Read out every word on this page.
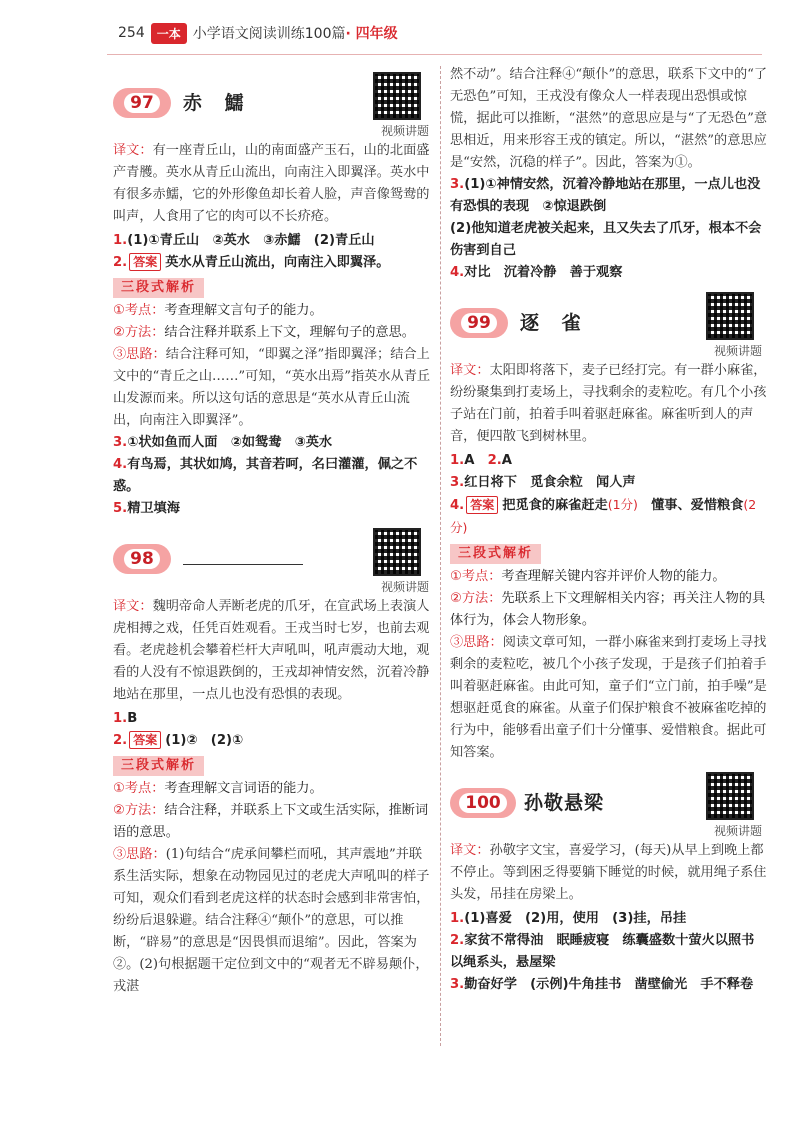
254	一本 小学语文阅读训练100篇 · 四年级
97	赤 鱬
视频讲题

译文：有一座青丘山，山的南面盛产玉石，山的北面盛产青雘。英水从青丘山流出，向南注入即翼泽。英水中有很多赤鱬，它的外形像鱼却长着人脸，声音像鸳鸯的叫声，人食用了它的肉可以不长疥疮。

1.(1)①青丘山　②英水　③赤鱬　(2)青丘山

2. 答案 英水从青丘山流出，向南注入即翼泽。

三段式解析

①考点：考查理解文言句子的能力。

②方法：结合注释并联系上下文，理解句子的意思。

③思路：结合注释可知，“即翼之泽”指即翼泽；结合上文中的“青丘之山……”可知，“英水出焉”指英水从青丘山发源而来。所以这句话的意思是“英水从青丘山流出，向南注入即翼泽”。

3.①状如鱼而人面　②如鸳鸯　③英水

4.有鸟焉，其状如鸠，其音若呵，名曰灌灌，佩之不惑。

5.精卫填海

98
视频讲题

译文：魏明帝命人弄断老虎的爪牙，在宣武场上表演人虎相搏之戏，任凭百姓观看。王戎当时七岁，也前去观看。老虎趁机会攀着栏杆大声吼叫，吼声震动大地，观看的人没有不惊退跌倒的，王戎却神情安然，沉着冷静地站在那里，一点儿也没有恐惧的表现。

1.B

2. 答案 (1)②　(2)①

三段式解析

①考点：考查理解文言词语的能力。

②方法：结合注释，并联系上下文或生活实际，推断词语的意思。

③思路：(1)句结合“虎承间攀栏而吼，其声震地”并联系生活实际，想象在动物园见过的老虎大声吼叫的样子可知，观众们看到老虎这样的状态时会感到非常害怕，纷纷后退躲避。结合注释④“颠仆”的意思，可以推断，“辟易”的意思是“因畏惧而退缩”。因此，答案为②。(2)句根据题干定位到文中的“观者无不辟易颠仆，戎湛

然不动”。结合注释④“颠仆”的意思，联系下文中的“了无恐色”可知，王戎没有像众人一样表现出恐惧或惊慌，据此可以推断，“湛然”的意思应是与“了无恐色”意思相近，用来形容王戎的镇定。所以，“湛然”的意思应是“安然，沉稳的样子”。因此，答案为①。

3.(1)①神情安然，沉着冷静地站在那里，一点儿也没有恐惧的表现　②惊退跌倒

(2)他知道老虎被关起来，且又失去了爪牙，根本不会伤害到自己

4.对比　沉着冷静　善于观察

99	逐 雀
视频讲题

译文：太阳即将落下，麦子已经打完。有一群小麻雀，纷纷聚集到打麦场上，寻找剩余的麦粒吃。有几个小孩子站在门前，拍着手叫着驱赶麻雀。麻雀听到人的声音，便四散飞到树林里。

1.A　2.A

3.红日将下　觅食余粒　闻人声

4. 答案 把觅食的麻雀赶走(1分)　懂事、爱惜粮食(2分)

三段式解析

①考点：考查理解关键内容并评价人物的能力。

②方法：先联系上下文理解相关内容；再关注人物的具体行为，体会人物形象。

③思路：阅读文章可知，一群小麻雀来到打麦场上寻找剩余的麦粒吃，被几个小孩子发现，于是孩子们拍着手叫着驱赶麻雀。由此可知，童子们“立门前，拍手噪”是想驱赶觅食的麻雀。从童子们保护粮食不被麻雀吃掉的行为中，能够看出童子们十分懂事、爱惜粮食。据此可知答案。

100	孙敬悬梁
视频讲题

译文：孙敬字文宝，喜爱学习，(每天)从早上到晚上都不停止。等到困乏得要躺下睡觉的时候，就用绳子系住头发，吊挂在房梁上。

1.(1)喜爱　(2)用，使用　(3)挂，吊挂

2.家贫不常得油　眠睡疲寝　练囊盛数十萤火以照书　以绳系头，悬屋梁

3.勤奋好学　(示例)牛角挂书　凿壁偷光　手不释卷
